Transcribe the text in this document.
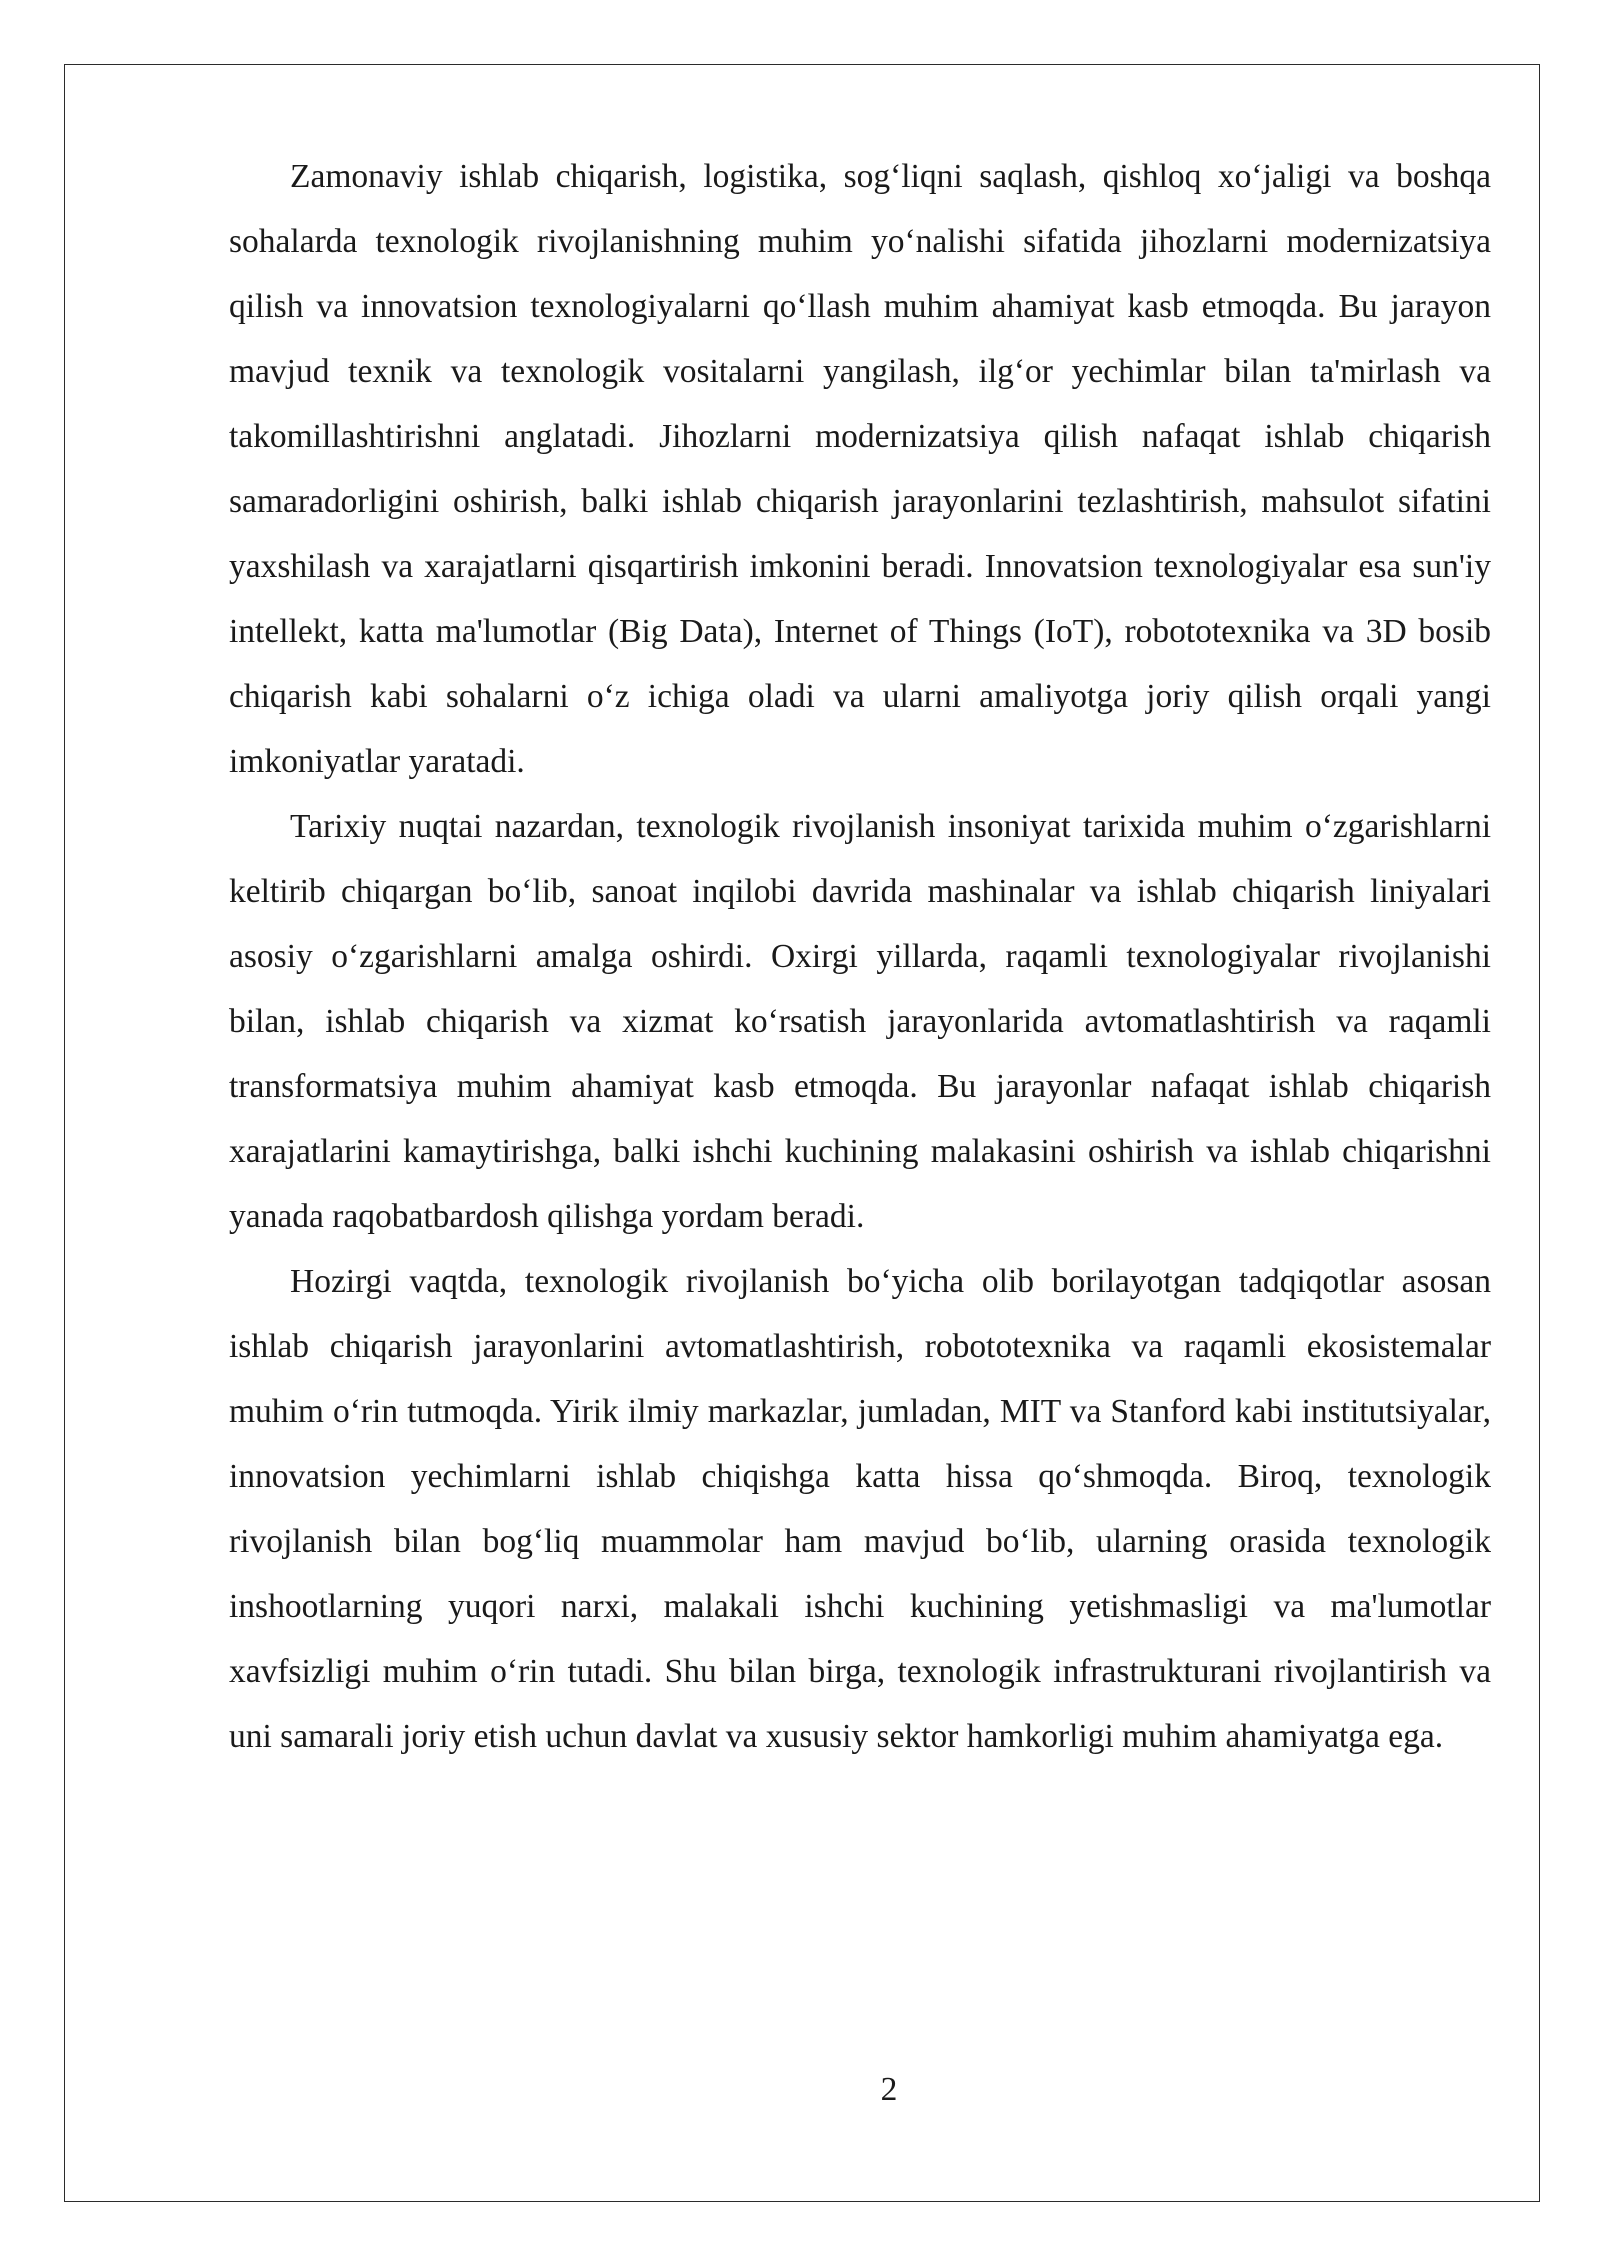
Zamonaviy ishlab chiqarish, logistika, sog‘liqni saqlash, qishloq xo‘jaligi va boshqa sohalarda texnologik rivojlanishning muhim yo‘nalishi sifatida jihozlarni modernizatsiya qilish va innovatsion texnologiyalarni qo‘llash muhim ahamiyat kasb etmoqda. Bu jarayon mavjud texnik va texnologik vositalarni yangilash, ilg‘or yechimlar bilan ta'mirlash va takomillashtirishni anglatadi. Jihozlarni modernizatsiya qilish nafaqat ishlab chiqarish samaradorligini oshirish, balki ishlab chiqarish jarayonlarini tezlashtirish, mahsulot sifatini yaxshilash va xarajatlarni qisqartirish imkonini beradi. Innovatsion texnologiyalar esa sun'iy intellekt, katta ma'lumotlar (Big Data), Internet of Things (IoT), robototexnika va 3D bosib chiqarish kabi sohalarni o‘z ichiga oladi va ularni amaliyotga joriy qilish orqali yangi imkoniyatlar yaratadi.

Tarixiy nuqtai nazardan, texnologik rivojlanish insoniyat tarixida muhim o‘zgarishlarni keltirib chiqargan bo‘lib, sanoat inqilobi davrida mashinalar va ishlab chiqarish liniyalari asosiy o‘zgarishlarni amalga oshirdi. Oxirgi yillarda, raqamli texnologiyalar rivojlanishi bilan, ishlab chiqarish va xizmat ko‘rsatish jarayonlarida avtomatlashtirish va raqamli transformatsiya muhim ahamiyat kasb etmoqda. Bu jarayonlar nafaqat ishlab chiqarish xarajatlarini kamaytirishga, balki ishchi kuchining malakasini oshirish va ishlab chiqarishni yanada raqobatbardosh qilishga yordam beradi.

Hozirgi vaqtda, texnologik rivojlanish bo‘yicha olib borilayotgan tadqiqotlar asosan ishlab chiqarish jarayonlarini avtomatlashtirish, robototexnika va raqamli ekosistemalar muhim o‘rin tutmoqda. Yirik ilmiy markazlar, jumladan, MIT va Stanford kabi institutsiyalar, innovatsion yechimlarni ishlab chiqishga katta hissa qo‘shmoqda. Biroq, texnologik rivojlanish bilan bog‘liq muammolar ham mavjud bo‘lib, ularning orasida texnologik inshootlarning yuqori narxi, malakali ishchi kuchining yetishmasligi va ma'lumotlar xavfsizligi muhim o‘rin tutadi. Shu bilan birga, texnologik infrastrukturani rivojlantirish va uni samarali joriy etish uchun davlat va xususiy sektor hamkorligi muhim ahamiyatga ega.

2
